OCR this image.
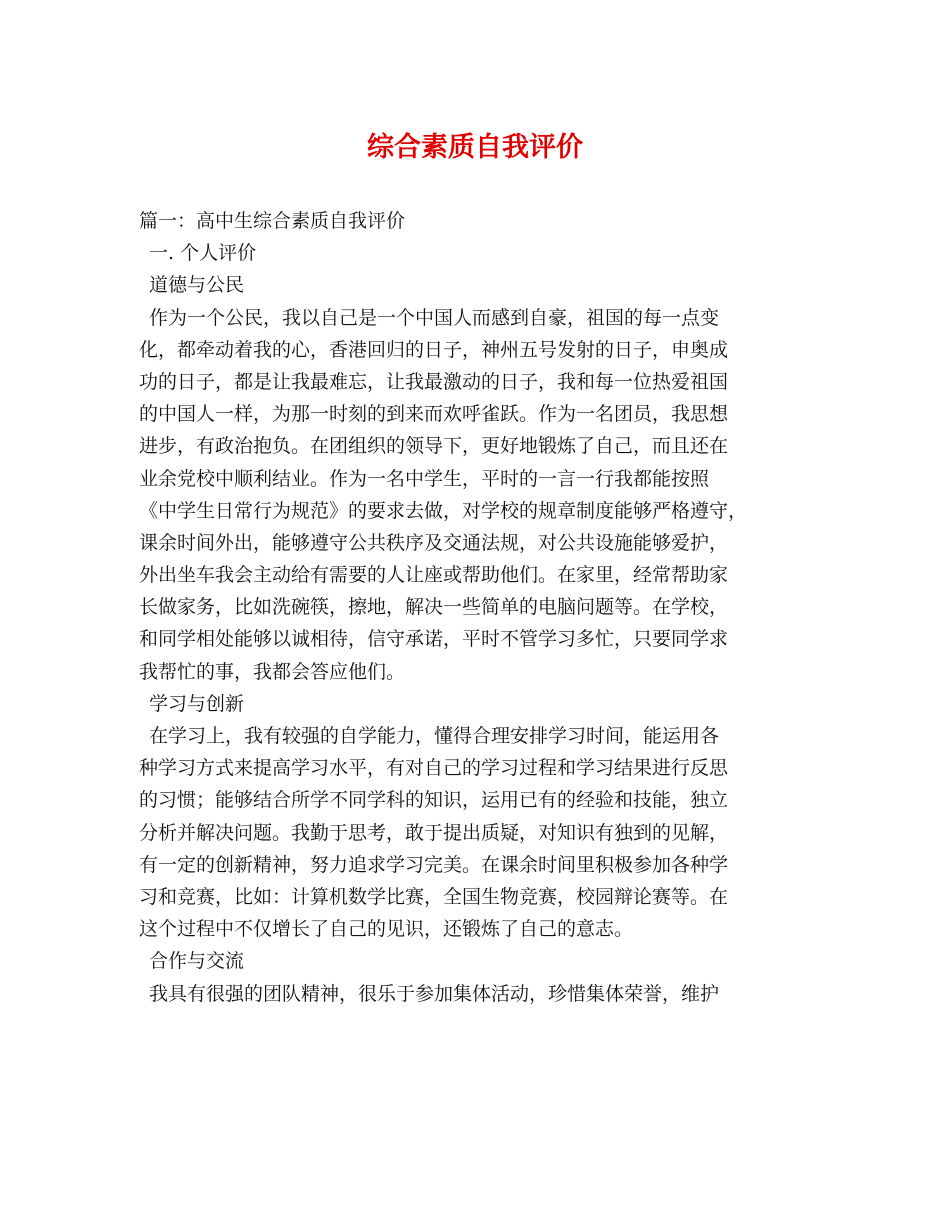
综合素质自我评价
篇一：高中生综合素质自我评价
一. 个人评价
道德与公民
作为一个公民，我以自己是一个中国人而感到自豪，祖国的每一点变
化，都牵动着我的心，香港回归的日子，神州五号发射的日子，申奥成
功的日子，都是让我最难忘，让我最激动的日子，我和每一位热爱祖国
的中国人一样，为那一时刻的到来而欢呼雀跃。作为一名团员，我思想
进步，有政治抱负。在团组织的领导下，更好地锻炼了自己，而且还在
业余党校中顺利结业。作为一名中学生，平时的一言一行我都能按照
《中学生日常行为规范》的要求去做，对学校的规章制度能够严格遵守，
课余时间外出，能够遵守公共秩序及交通法规，对公共设施能够爱护，
外出坐车我会主动给有需要的人让座或帮助他们。在家里，经常帮助家
长做家务，比如洗碗筷，擦地，解决一些简单的电脑问题等。在学校，
和同学相处能够以诚相待，信守承诺，平时不管学习多忙，只要同学求
我帮忙的事，我都会答应他们。
学习与创新
在学习上，我有较强的自学能力，懂得合理安排学习时间，能运用各
种学习方式来提高学习水平，有对自己的学习过程和学习结果进行反思
的习惯；能够结合所学不同学科的知识，运用已有的经验和技能，独立
分析并解决问题。我勤于思考，敢于提出质疑，对知识有独到的见解，
有一定的创新精神，努力追求学习完美。在课余时间里积极参加各种学
习和竞赛，比如：计算机数学比赛，全国生物竞赛，校园辩论赛等。在
这个过程中不仅增长了自己的见识，还锻炼了自己的意志。
合作与交流
我具有很强的团队精神，很乐于参加集体活动，珍惜集体荣誉，维护
